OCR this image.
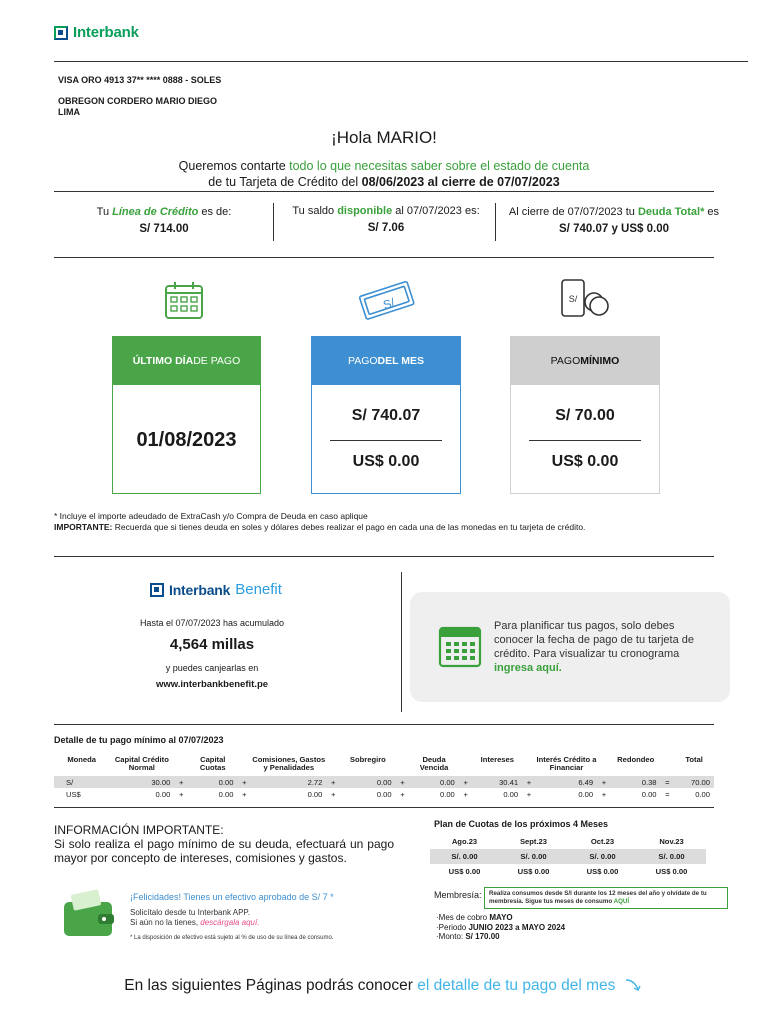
Interbank
VISA ORO 4913 37** **** 0888 - SOLES
OBREGON CORDERO MARIO DIEGO
LIMA
¡Hola MARIO!
Queremos contarte todo lo que necesitas saber sobre el estado de cuenta
de tu Tarjeta de Crédito del 08/06/2023 al cierre de 07/07/2023
Tu Línea de Crédito es de:
S/ 714.00
Tu saldo disponible al 07/07/2023 es:
S/ 7.06
Al cierre de 07/07/2023 tu Deuda Total* es
S/ 740.07 y US$ 0.00
S/	S/
ÚLTIMO DÍA DE PAGO
01/08/2023
PAGO DEL MES
S/ 740.07
US$ 0.00
PAGO MÍNIMO
S/ 70.00
US$ 0.00
* Incluye el importe adeudado de ExtraCash y/o Compra de Deuda en caso aplique
IMPORTANTE: Recuerda que si tienes deuda en soles y dólares debes realizar el pago en cada una de las monedas en tu tarjeta de crédito.
Interbank Benefit
Hasta el 07/07/2023 has acumulado
4,564 millas
y puedes canjearlas en
www.interbankbenefit.pe
Para planificar tus pagos, solo debes conocer la fecha de pago de tu tarjeta de crédito. Para visualizar tu cronograma ingresa aquí.
Detalle de tu pago mínimo al 07/07/2023
Moneda	Capital Crédito Normal		Capital Cuotas		Comisiones, Gastos y Penalidades		Sobregiro		Deuda Vencida		Intereses		Interés Crédito a Financiar		Redondeo		Total
S/	30.00	+	0.00	+	2.72	+	0.00	+	0.00	+	30.41	+	6.49	+	0.38	=	70.00
US$	0.00	+	0.00	+	0.00	+	0.00	+	0.00	+	0.00	+	0.00	+	0.00	=	0.00
INFORMACIÓN IMPORTANTE:
Si solo realiza el pago mínimo de su deuda, efectuará un pago mayor por concepto de intereses, comisiones y gastos.
¡Felicidades! Tienes un efectivo aprobado de S/ 7 *
Solicítalo desde tu Interbank APP.
Si aún no la tienes, descárgala aquí.
* La disposición de efectivo está sujeto al % de uso de su línea de consumo.
Plan de Cuotas de los próximos 4 Meses
Ago.23	Sept.23	Oct.23	Nov.23
S/. 0.00	S/. 0.00	S/. 0.00	S/. 0.00
US$ 0.00	US$ 0.00	US$ 0.00	US$ 0.00
Membresía:	Realiza consumos desde S/I durante los 12 meses del año y olvídate de tu membresía. Sigue tus meses de consumo AQUÍ
·Mes de cobro MAYO
·Periodo JUNIO 2023 a MAYO 2024
·Monto: S/ 170.00
En las siguientes Páginas podrás conocer el detalle de tu pago del mes
